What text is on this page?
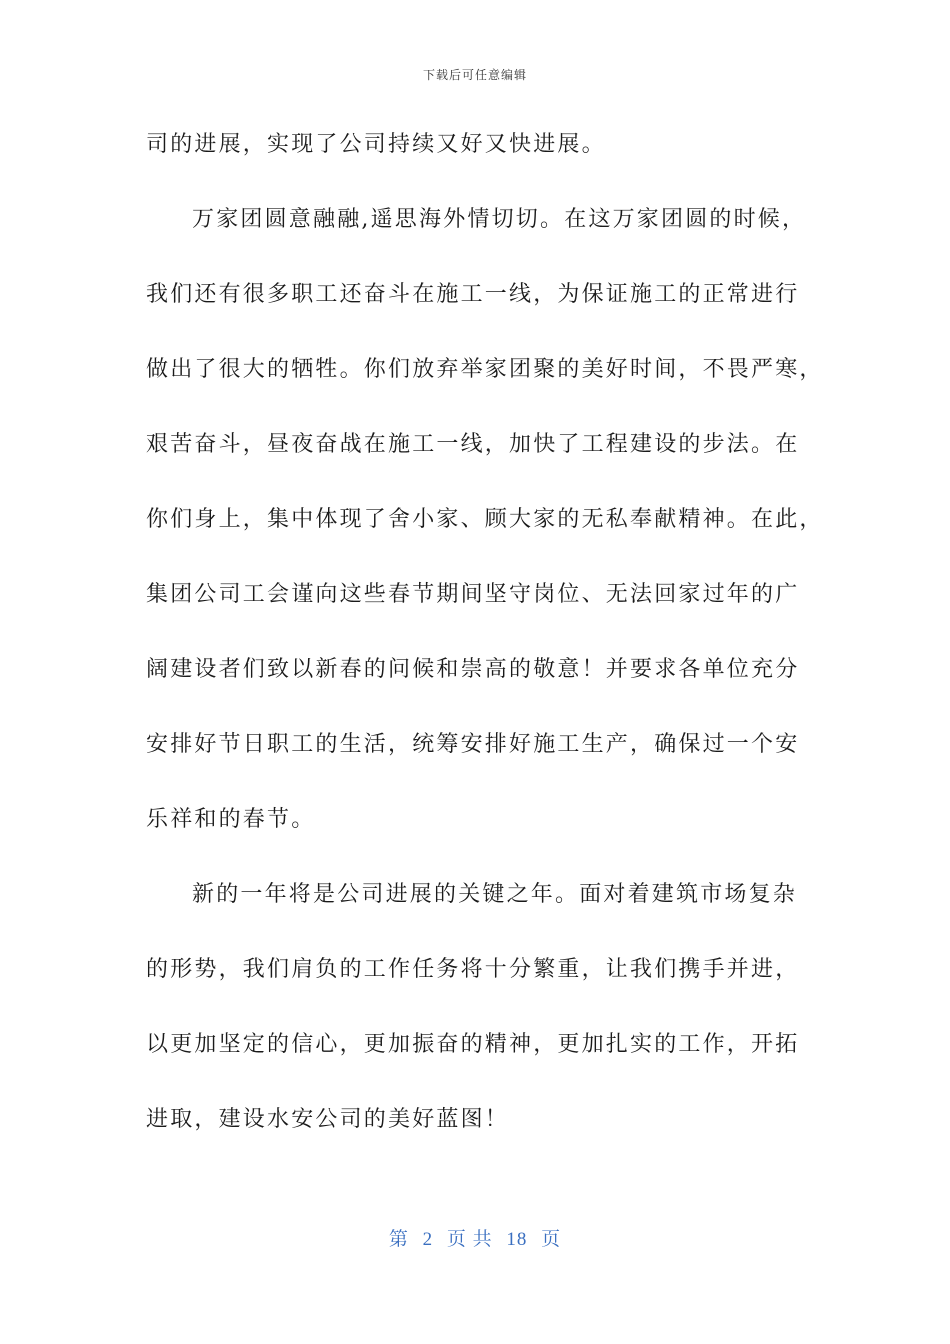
下载后可任意编辑
司的进展，实现了公司持续又好又快进展。
万家团圆意融融,遥思海外情切切。在这万家团圆的时候，
我们还有很多职工还奋斗在施工一线，为保证施工的正常进行
做出了很大的牺牲。你们放弃举家团聚的美好时间，不畏严寒，
艰苦奋斗，昼夜奋战在施工一线，加快了工程建设的步法。在
你们身上，集中体现了舍小家、顾大家的无私奉献精神。在此，
集团公司工会谨向这些春节期间坚守岗位、无法回家过年的广
阔建设者们致以新春的问候和崇高的敬意！并要求各单位充分
安排好节日职工的生活，统筹安排好施工生产，确保过一个安
乐祥和的春节。
新的一年将是公司进展的关键之年。面对着建筑市场复杂
的形势，我们肩负的工作任务将十分繁重，让我们携手并进，
以更加坚定的信心，更加振奋的精神，更加扎实的工作，开拓
进取，建设水安公司的美好蓝图！
第 2 页 共 18 页
